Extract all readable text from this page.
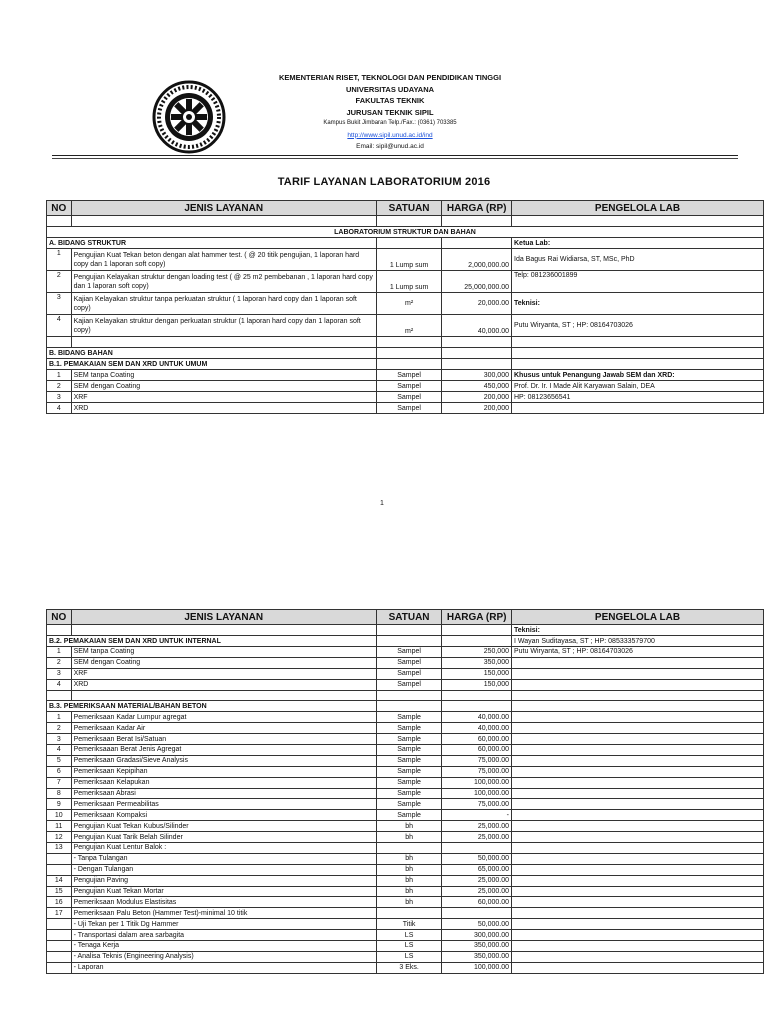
KEMENTERIAN RISET, TEKNOLOGI DAN PENDIDIKAN TINGGI
UNIVERSITAS UDAYANA
FAKULTAS TEKNIK
JURUSAN TEKNIK SIPIL
Kampus Bukit Jimbaran Telp./Fax.: (0361) 703385
http://www.sipil.unud.ac.id/ind
Email: sipil@unud.ac.id
TARIF LAYANAN LABORATORIUM 2016
NO	JENIS LAYANAN	SATUAN	HARGA (RP)	PENGELOLA LAB

LABORATORIUM STRUKTUR DAN BAHAN				
A. BIDANG STRUKTUR				Ketua Lab:
1	Pengujian Kuat Tekan beton dengan alat hammer test. ( @ 20 titik pengujian, 1 laporan hard copy dan 1 laporan soft copy)	1 Lump sum	2,000,000.00	Ida Bagus Rai Widiarsa, ST, MSc, PhD
2	Pengujian Kelayakan struktur dengan loading test ( @ 25 m2 pembebanan , 1 laporan hard copy dan 1 laporan soft copy)	1 Lump sum	25,000,000.00	Telp: 081236001899
3	Kajian Kelayakan struktur tanpa perkuatan struktur ( 1 laporan hard copy dan 1 laporan soft copy)	m²	20,000.00	Teknisi:
4	Kajian Kelayakan struktur dengan perkuatan struktur (1 laporan hard copy dan 1 laporan soft copy)	m²	40,000.00	Putu Wiryanta, ST ; HP: 08164703026

B. BIDANG BAHAN				
B.1. PEMAKAIAN SEM DAN XRD UNTUK UMUM				
1	SEM tanpa Coating	Sampel	300,000	Khusus untuk Penangung Jawab SEM dan XRD:
2	SEM dengan Coating	Sampel	450,000	Prof. Dr. Ir. I Made Alit Karyawan Salain, DEA
3	XRF	Sampel	200,000	HP: 08123656541
4	XRD	Sampel	200,000	
1
NO	JENIS LAYANAN	SATUAN	HARGA (RP)	PENGELOLA LAB
				Teknisi:
B.2. PEMAKAIAN SEM DAN XRD UNTUK INTERNAL				I Wayan Suditayasa, ST ; HP: 085333579700
1	SEM tanpa Coating	Sampel	250,000	Putu Wiryanta, ST ; HP: 08164703026
2	SEM dengan Coating	Sampel	350,000	
3	XRF	Sampel	150,000	
4	XRD	Sampel	150,000	

B.3. PEMERIKSAAN MATERIAL/BAHAN BETON				
1	Pemeriksaan Kadar Lumpur agregat	Sample	40,000.00	
2	Pemeriksaan Kadar Air	Sample	40,000.00	
3	Pemeriksaan Berat Isi/Satuan	Sample	60,000.00	
4	Pemeriksaaan Berat Jenis Agregat	Sample	60,000.00	
5	Pemeriksaan Gradasi/Sieve Analysis	Sample	75,000.00	
6	Pemeriksaan Kepipihan	Sample	75,000.00	
7	Pemeriksaan Kelapukan	Sample	100,000.00	
8	Pemeriksaan Abrasi	Sample	100,000.00	
9	Pemeriksaan Permeabilitas	Sample	75,000.00	
10	Pemeriksaan Kompaksi	Sample	-	
11	Pengujian Kuat Tekan Kubus/Silinder	bh	25,000.00	
12	Pengujian Kuat Tarik Belah Silinder	bh	25,000.00	
13	Pengujian Kuat Lentur Balok :			
	- Tanpa Tulangan	bh	50,000.00	
	- Dengan Tulangan	bh	65,000.00	
14	Pengujian Paving	bh	25,000.00	
15	Pengujian Kuat Tekan Mortar	bh	25,000.00	
16	Pemeriksaan Modulus Elastisitas	bh	60,000.00	
17	Pemeriksaan Palu Beton (Hammer Test)-minimal 10 titik			
	- Uji Tekan per 1 Titik Dg Hammer	Titik	50,000.00	
	- Transportasi dalam area sarbagita	LS	300,000.00	
	- Tenaga Kerja	LS	350,000.00	
	- Analisa Teknis (Engineering Analysis)	LS	350,000.00	
	- Laporan	3 Eks.	100,000.00	
